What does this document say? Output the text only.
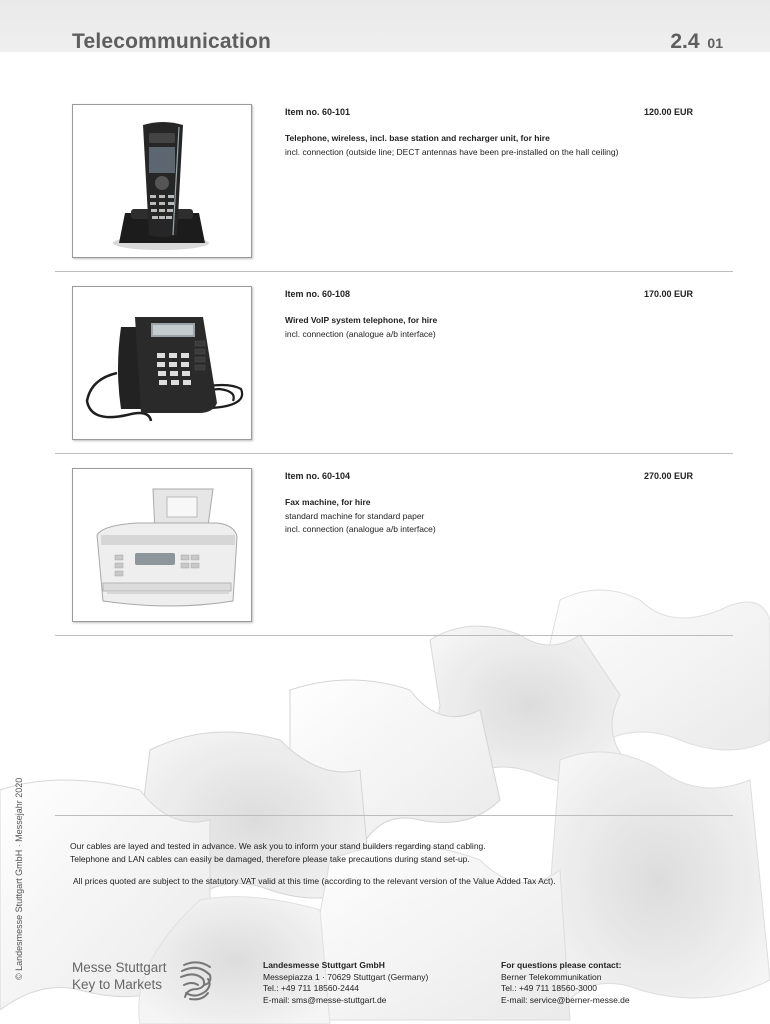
Telecommunication	2.4 01
Item no. 60-101	120.00 EUR
Telephone, wireless, incl. base station and recharger unit, for hire
incl. connection (outside line; DECT antennas have been pre-installed on the hall ceiling)
Item no. 60-108	170.00 EUR
Wired VoIP system telephone, for hire
incl. connection (analogue a/b interface)
Item no. 60-104	270.00 EUR
Fax machine, for hire
standard machine for standard paper
incl. connection (analogue a/b interface)
Our cables are layed and tested in advance. We ask you to inform your stand builders regarding stand cabling.
Telephone and LAN cables can easily be damaged, therefore please take precautions during stand set-up.
All prices quoted are subject to the statutory VAT valid at this time (according to the relevant version of the Value Added Tax Act).
© Landesmesse Stuttgart GmbH · Messejahr 2020	Messe Stuttgart
Key to Markets
Landesmesse Stuttgart GmbH
Messepiazza 1 · 70629 Stuttgart (Germany)
Tel.: +49 711 18560-2444
E-mail: sms@messe-stuttgart.de
For questions please contact:
Berner Telekommunikation
Tel.: +49 711 18560-3000
E-mail: service@berner-messe.de
